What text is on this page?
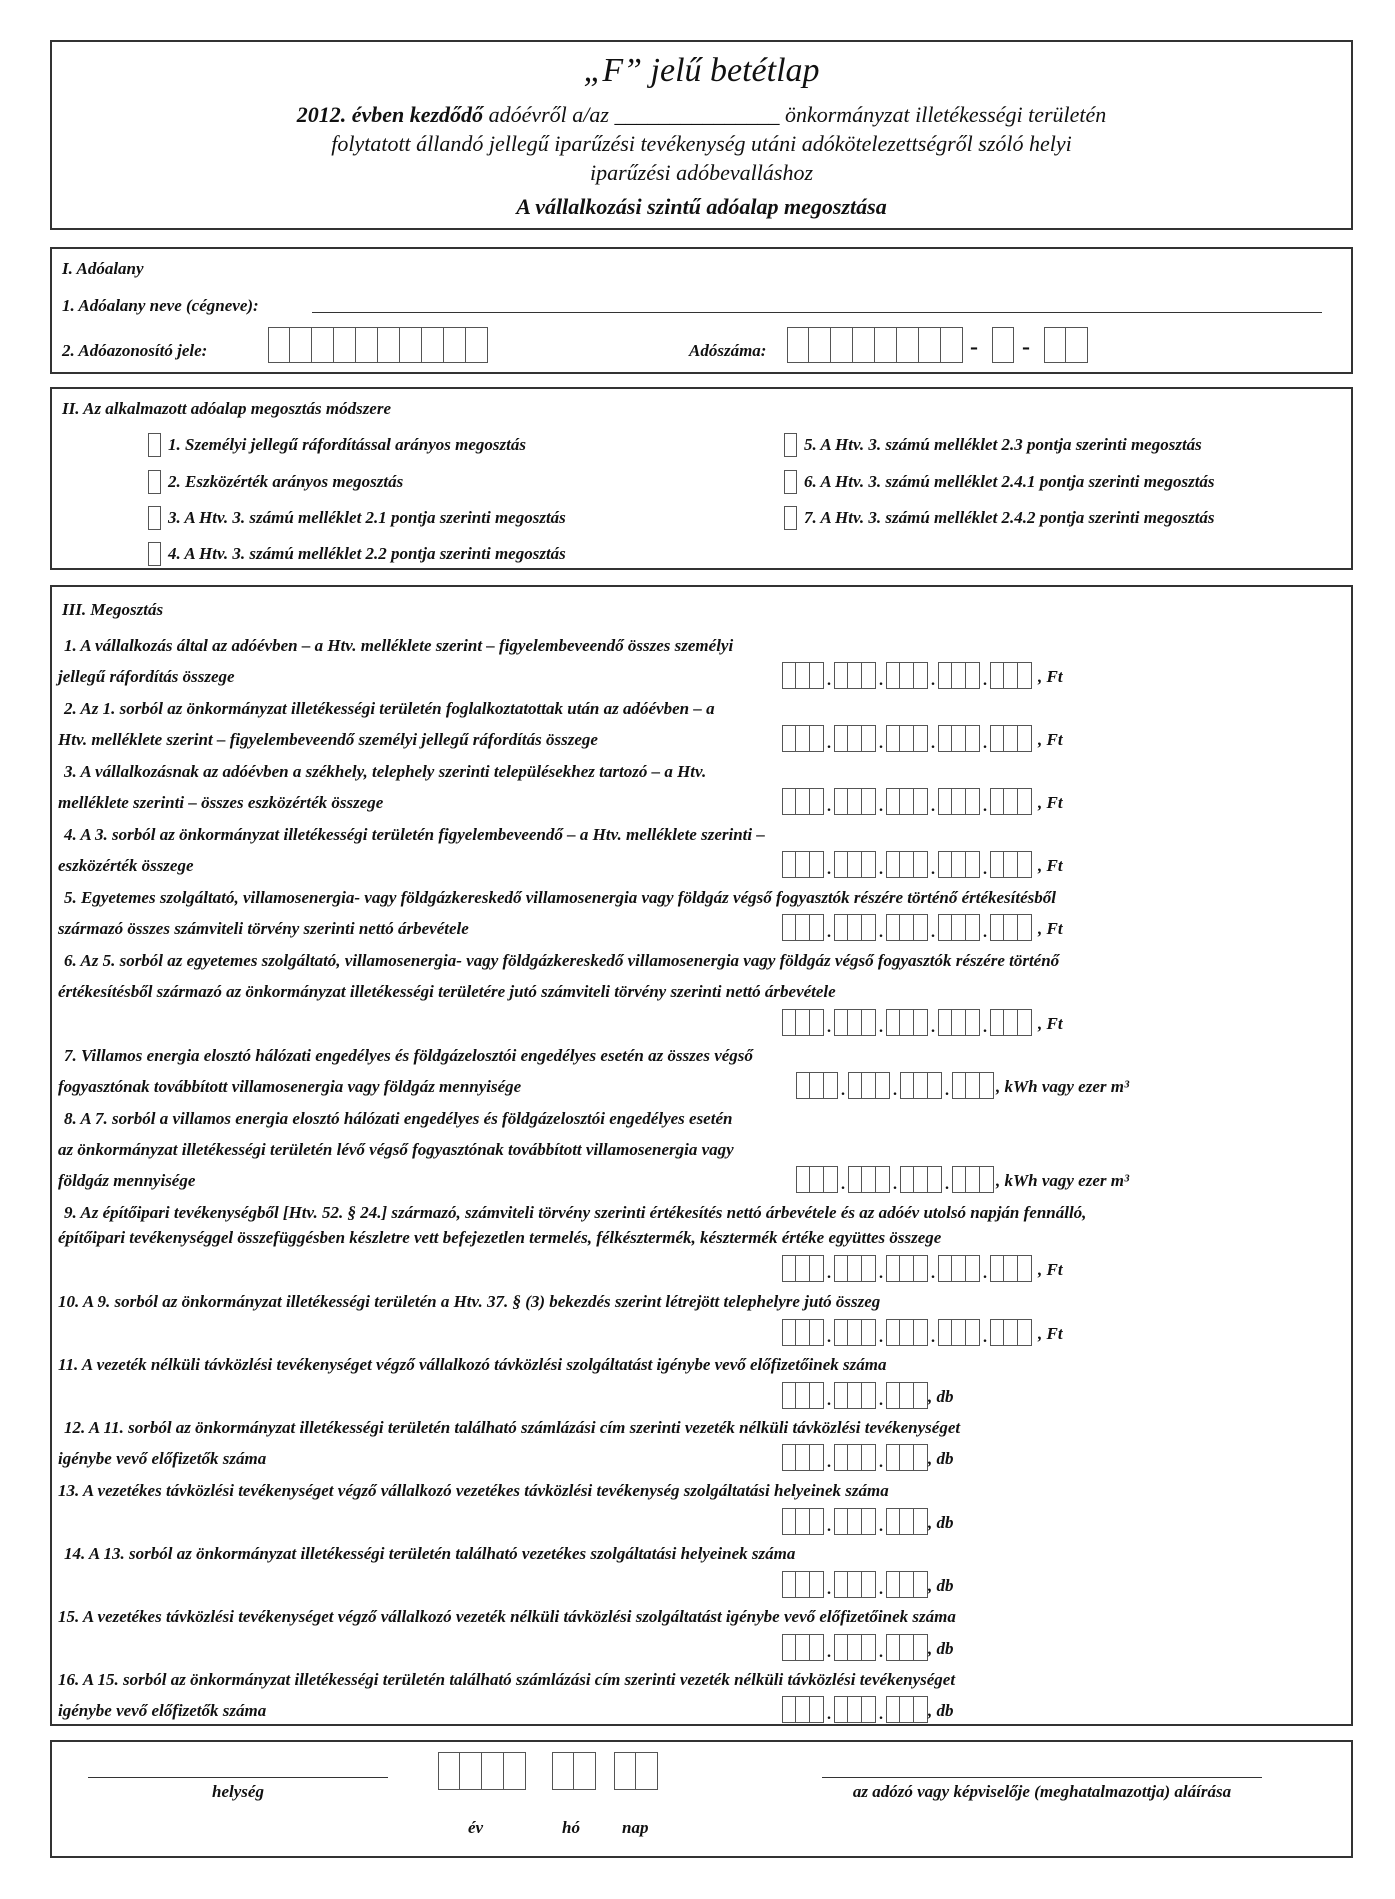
„F” jelű betétlap
2012. évben kezdődő adóévről a/az _______________ önkormányzat illetékességi területén
folytatott állandó jellegű iparűzési tevékenység utáni adókötelezettségről szóló helyi
iparűzési adóbevalláshoz
A vállalkozási szintű adóalap megosztása
I. Adóalany
1. Adóalany neve (cégneve):
2. Adóazonosító jele:	Adószáma:	- -
II. Az alkalmazott adóalap megosztás módszere
1. Személyi jellegű ráfordítással arányos megosztás
2. Eszközérték arányos megosztás
3. A Htv. 3. számú melléklet 2.1 pontja szerinti megosztás
4. A Htv. 3. számú melléklet 2.2 pontja szerinti megosztás
5. A Htv. 3. számú melléklet 2.3 pontja szerinti megosztás
6. A Htv. 3. számú melléklet 2.4.1 pontja szerinti megosztás
7. A Htv. 3. számú melléklet 2.4.2 pontja szerinti megosztás
III. Megosztás
1. A vállalkozás által az adóévben – a Htv. melléklete szerint – figyelembeveendő összes személyi
jellegű ráfordítás összege	.	.	.	.	, Ft
2. Az 1. sorból az önkormányzat illetékességi területén foglalkoztatottak után az adóévben – a
Htv. melléklete szerint – figyelembeveendő személyi jellegű ráfordítás összege	.	.	.	.	, Ft
3. A vállalkozásnak az adóévben a székhely, telephely szerinti településekhez tartozó – a Htv.
melléklete szerinti – összes eszközérték összege	.	.	.	.	, Ft
4. A 3. sorból az önkormányzat illetékességi területén figyelembeveendő – a Htv. melléklete szerinti –
eszközérték összege	.	.	.	.	, Ft
5. Egyetemes szolgáltató, villamosenergia- vagy földgázkereskedő villamosenergia vagy földgáz végső fogyasztók részére történő értékesítésből
származó összes számviteli törvény szerinti nettó árbevétele	.	.	.	.	, Ft
6. Az 5. sorból az egyetemes szolgáltató, villamosenergia- vagy földgázkereskedő villamosenergia vagy földgáz végső fogyasztók részére történő
értékesítésből származó az önkormányzat illetékességi területére jutó számviteli törvény szerinti nettó árbevétele
.	.	.	.	, Ft
7. Villamos energia elosztó hálózati engedélyes és földgázelosztói engedélyes esetén az összes végső
fogyasztónak továbbított villamosenergia vagy földgáz mennyisége	.	.	.	, kWh vagy ezer m³
8. A 7. sorból a villamos energia elosztó hálózati engedélyes és földgázelosztói engedélyes esetén
az önkormányzat illetékességi területén lévő végső fogyasztónak továbbított villamosenergia vagy
földgáz mennyisége	.	.	.	, kWh vagy ezer m³
9. Az építőipari tevékenységből [Htv. 52. § 24.] származó, számviteli törvény szerinti értékesítés nettó árbevétele és az adóév utolsó napján fennálló,
építőipari tevékenységgel összefüggésben készletre vett befejezetlen termelés, félkésztermék, késztermék értéke együttes összege
.	.	.	.	, Ft
10. A 9. sorból az önkormányzat illetékességi területén a Htv. 37. § (3) bekezdés szerint létrejött telephelyre jutó összeg
.	.	.	.	, Ft
11. A vezeték nélküli távközlési tevékenységet végző vállalkozó távközlési szolgáltatást igénybe vevő előfizetőinek száma
.	.	, db
12. A 11. sorból az önkormányzat illetékességi területén található számlázási cím szerinti vezeték nélküli távközlési tevékenységet
igénybe vevő előfizetők száma	.	.	, db
13. A vezetékes távközlési tevékenységet végző vállalkozó vezetékes távközlési tevékenység szolgáltatási helyeinek száma
.	.	, db
14. A 13. sorból az önkormányzat illetékességi területén található vezetékes szolgáltatási helyeinek száma
.	.	, db
15. A vezetékes távközlési tevékenységet végző vállalkozó vezeték nélküli távközlési szolgáltatást igénybe vevő előfizetőinek száma
.	.	, db
16. A 15. sorból az önkormányzat illetékességi területén található számlázási cím szerinti vezeték nélküli távközlési tevékenységet
igénybe vevő előfizetők száma	.	.	, db
helység
év	hó nap
az adózó vagy képviselője (meghatalmazottja) aláírása
